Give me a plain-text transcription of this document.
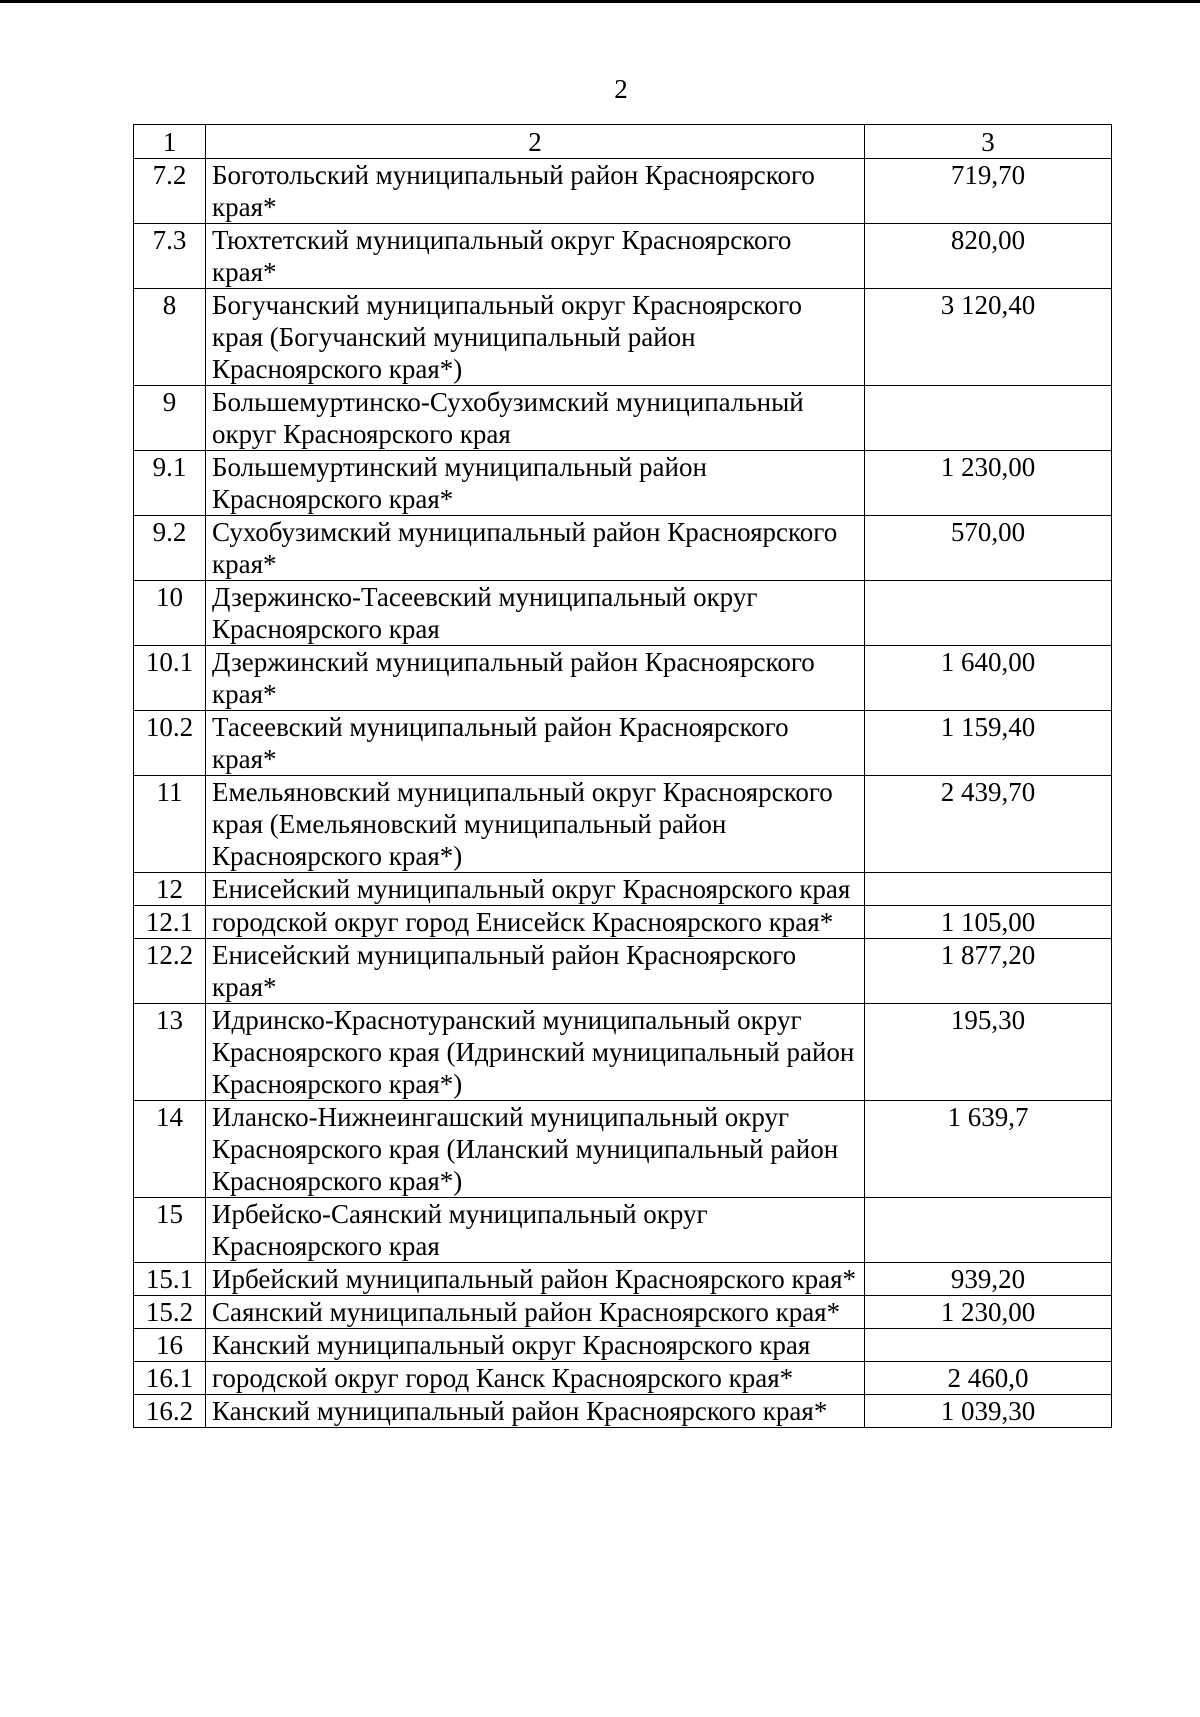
2
1	2	3
7.2	Боготольский муниципальный район Красноярского края*	719,70
7.3	Тюхтетский муниципальный округ Красноярского края*	820,00
8	Богучанский муниципальный округ Красноярского края (Богучанский муниципальный район Красноярского края*)	3 120,40
9	Большемуртинско-Сухобузимский муниципальный округ Красноярского края	
9.1	Большемуртинский муниципальный район Красноярского края*	1 230,00
9.2	Сухобузимский муниципальный район Красноярского края*	570,00
10	Дзержинско-Тасеевский муниципальный округ Красноярского края	
10.1	Дзержинский муниципальный район Красноярского края*	1 640,00
10.2	Тасеевский муниципальный район Красноярского края*	1 159,40
11	Емельяновский муниципальный округ Красноярского края (Емельяновский муниципальный район Красноярского края*)	2 439,70
12	Енисейский муниципальный округ Красноярского края	
12.1	городской округ город Енисейск Красноярского края*	1 105,00
12.2	Енисейский муниципальный район Красноярского края*	1 877,20
13	Идринско-Краснотуранский муниципальный округ Красноярского края (Идринский муниципальный район Красноярского края*)	195,30
14	Иланско-Нижнеингашский муниципальный округ Красноярского края (Иланский муниципальный район Красноярского края*)	1 639,7
15	Ирбейско-Саянский муниципальный округ Красноярского края	
15.1	Ирбейский муниципальный район Красноярского края*	939,20
15.2	Саянский муниципальный район Красноярского края*	1 230,00
16	Канский муниципальный округ Красноярского края	
16.1	городской округ город Канск Красноярского края*	2 460,0
16.2	Канский муниципальный район Красноярского края*	1 039,30
